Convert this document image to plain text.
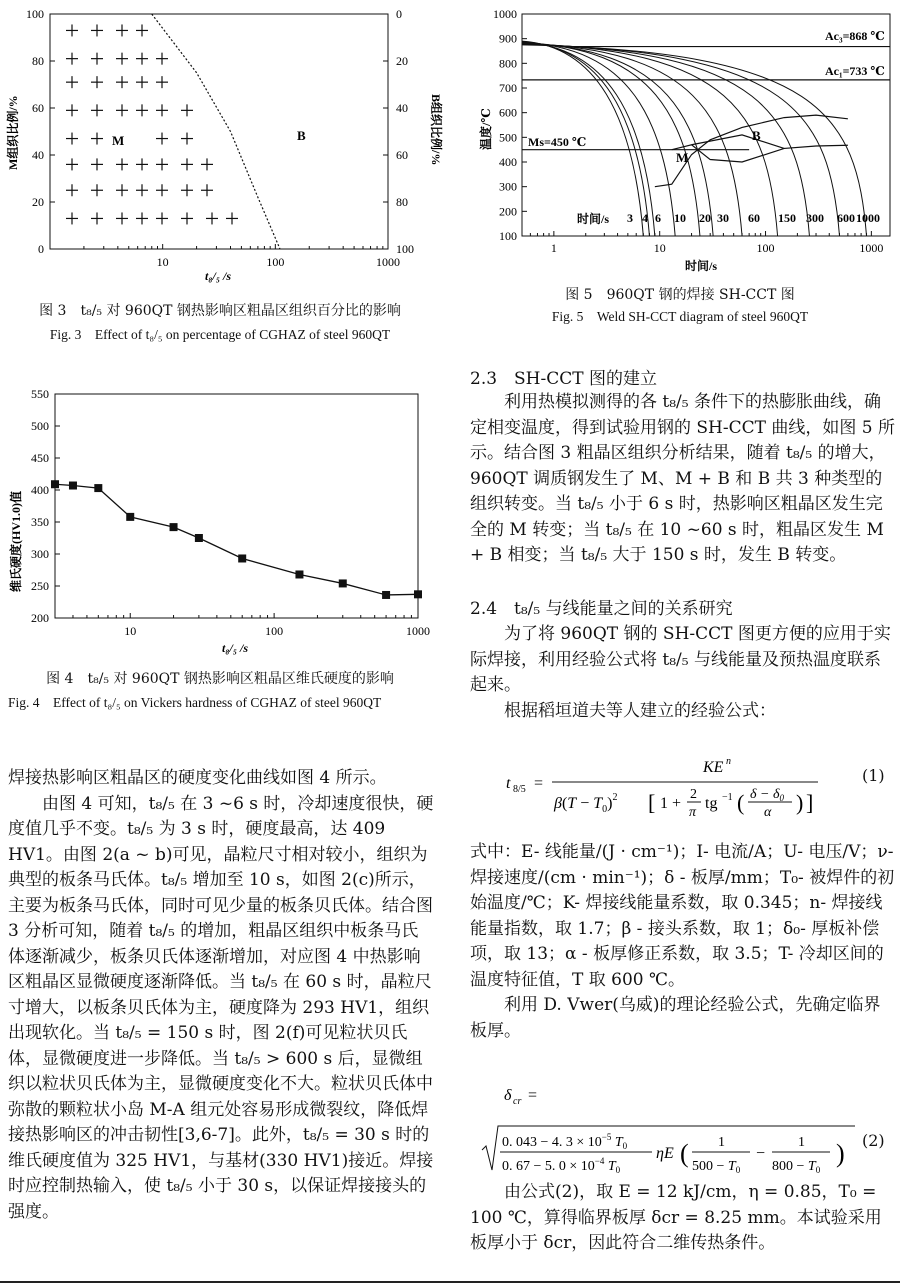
0
20
40
60
80
100
100
80
60
40
20
0
10	100	1000
M组织比例/%	B组织比例/%
t₈/₅ /s
M	B
图 3　t₈/₅ 对 960QT 钢热影响区粗晶区组织百分比的影响
Fig. 3　Effect of t₈/₅ on percentage of CGHAZ of steel 960QT
200
250
300
350
400
450
500
550
10	100	1000
维氏硬度(HV1.0)值
t₈/₅ /s
图 4　t₈/₅ 对 960QT 钢热影响区粗晶区维氏硬度的影响
Fig. 4　Effect of t₈/₅ on Vickers hardness of CGHAZ of steel 960QT
100
200
300
400
500
600
700
800
900
1000
1	10	100	1000
3 4 6 10 20 30 60 150 300 600 1000
温度/℃
时间/s
Ac₃=868 ℃
Ac₁=733 ℃
Ms=450 ℃	B
M
时间/s
图 5　960QT 钢的焊接 SH-CCT 图
Fig. 5　Weld SH-CCT diagram of steel 960QT

焊接热影响区粗晶区的硬度变化曲线如图 4 所示。

由图 4 可知，t₈/₅ 在 3 ~6 s 时，冷却速度很快，硬度值几乎不变。t₈/₅ 为 3 s 时，硬度最高，达 409 HV1。由图 2(a ~ b)可见，晶粒尺寸相对较小，组织为典型的板条马氏体。t₈/₅ 增加至 10 s，如图 2(c)所示，主要为板条马氏体，同时可见少量的板条贝氏体。结合图 3 分析可知，随着 t₈/₅ 的增加，粗晶区组织中板条马氏体逐渐减少，板条贝氏体逐渐增加，对应图 4 中热影响区粗晶区显微硬度逐渐降低。当 t₈/₅ 在 60 s 时，晶粒尺寸增大，以板条贝氏体为主，硬度降为 293 HV1，组织出现软化。当 t₈/₅ = 150 s 时，图 2(f)可见粒状贝氏体，显微硬度进一步降低。当 t₈/₅ > 600 s 后，显微组织以粒状贝氏体为主，显微硬度变化不大。粒状贝氏体中弥散的颗粒状小岛 M-A 组元处容易形成微裂纹，降低焊接热影响区的冲击韧性[3,6-7]。此外，t₈/₅ = 30 s 时的维氏硬度值为 325 HV1，与基材(330 HV1)接近。焊接时应控制热输入，使 t₈/₅ 小于 30 s，以保证焊接接头的强度。

2.3　SH-CCT 图的建立

利用热模拟测得的各 t₈/₅ 条件下的热膨胀曲线，确定相变温度，得到试验用钢的 SH-CCT 曲线，如图 5 所示。结合图 3 粗晶区组织分析结果，随着 t₈/₅ 的增大，960QT 调质钢发生了 M、M + B 和 B 共 3 种类型的组织转变。当 t₈/₅ 小于 6 s 时，热影响区粗晶区发生完全的 M 转变；当 t₈/₅ 在 10 ~60 s 时，粗晶区发生 M + B 相变；当 t₈/₅ 大于 150 s 时，发生 B 转变。

2.4　t₈/₅ 与线能量之间的关系研究

为了将 960QT 钢的 SH-CCT 图更方便的应用于实际焊接，利用经验公式将 t₈/₅ 与线能量及预热温度联系起来。

根据稻垣道夫等人建立的经验公式：

t 8/5 =
KE n
$\beta(T - T_0)^2$ [ 1 +
2
π
tg −1 ( $\delta - \delta_0$
α ) ]
(1)

式中：E- 线能量/(J · cm⁻¹)；I- 电流/A；U- 电压/V；ν- 焊接速度/(cm · min⁻¹)；δ - 板厚/mm；T₀- 被焊件的初始温度/℃；K- 焊接线能量系数，取 0.345；n- 焊接线能量指数，取 1.7；β - 接头系数，取 1；δ₀- 厚板补偿项，取 13；α - 板厚修正系数，取 3.5；T- 冷却区间的温度特征值，T 取 600 ℃。

利用 D. Vwer(乌威)的理论经验公式，先确定临界板厚。

δ cr =
0. 043 − 4. $3 \times 10^{-5}$ $T_0$
0. 67 − 5. $0 \times 10^{-4}$ $T_0$
ηE ( 1
$500 - T_0$
−
1
$800 - T_0$
) (2)

由公式(2)，取 E = 12 kJ/cm，η = 0.85，T₀ = 100 ℃，算得临界板厚 δcr = 8.25 mm。本试验采用板厚小于 δcr，因此符合二维传热条件。
